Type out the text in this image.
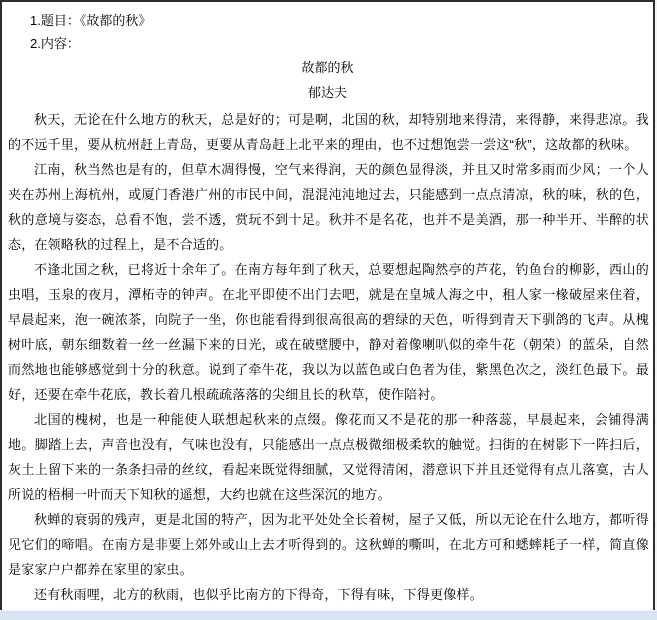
1.题目：《故都的秋》
2.内容：
故都的秋
郁达夫

秋天，无论在什么地方的秋天，总是好的；可是啊，北国的秋，却特别地来得清，来得静，来得悲凉。我的不远千里，要从杭州赶上青岛，更要从青岛赶上北平来的理由，也不过想饱尝一尝这“秋”，这故都的秋味。

江南，秋当然也是有的，但草木凋得慢，空气来得润，天的颜色显得淡，并且又时常多雨而少风；一个人夹在苏州上海杭州，或厦门香港广州的市民中间，混混沌沌地过去，只能感到一点点清凉，秋的味，秋的色，秋的意境与姿态，总看不饱，尝不透，赏玩不到十足。秋并不是名花，也并不是美酒，那一种半开、半醉的状态，在领略秋的过程上，是不合适的。

不逢北国之秋，已将近十余年了。在南方每年到了秋天，总要想起陶然亭的芦花，钓鱼台的柳影，西山的虫唱，玉泉的夜月，潭柘寺的钟声。在北平即使不出门去吧，就是在皇城人海之中，租人家一椽破屋来住着，早晨起来，泡一碗浓茶，向院子一坐，你也能看得到很高很高的碧绿的天色，听得到青天下驯鸽的飞声。从槐树叶底，朝东细数着一丝一丝漏下来的日光，或在破壁腰中，静对着像喇叭似的牵牛花（朝荣）的蓝朵，自然而然地也能够感觉到十分的秋意。说到了牵牛花，我以为以蓝色或白色者为佳，紫黑色次之，淡红色最下。最好，还要在牵牛花底，教长着几根疏疏落落的尖细且长的秋草，使作陪衬。

北国的槐树，也是一种能使人联想起秋来的点缀。像花而又不是花的那一种落蕊，早晨起来，会铺得满地。脚踏上去，声音也没有，气味也没有，只能感出一点点极微细极柔软的触觉。扫街的在树影下一阵扫后，灰土上留下来的一条条扫帚的丝纹，看起来既觉得细腻，又觉得清闲，潜意识下并且还觉得有点儿落寞，古人所说的梧桐一叶而天下知秋的遥想，大约也就在这些深沉的地方。

秋蝉的衰弱的残声，更是北国的特产，因为北平处处全长着树，屋子又低，所以无论在什么地方，都听得见它们的啼唱。在南方是非要上郊外或山上去才听得到的。这秋蝉的嘶叫，在北方可和蟋蟀耗子一样，简直像是家家户户都养在家里的家虫。

还有秋雨哩，北方的秋雨，也似乎比南方的下得奇，下得有味，下得更像样。
